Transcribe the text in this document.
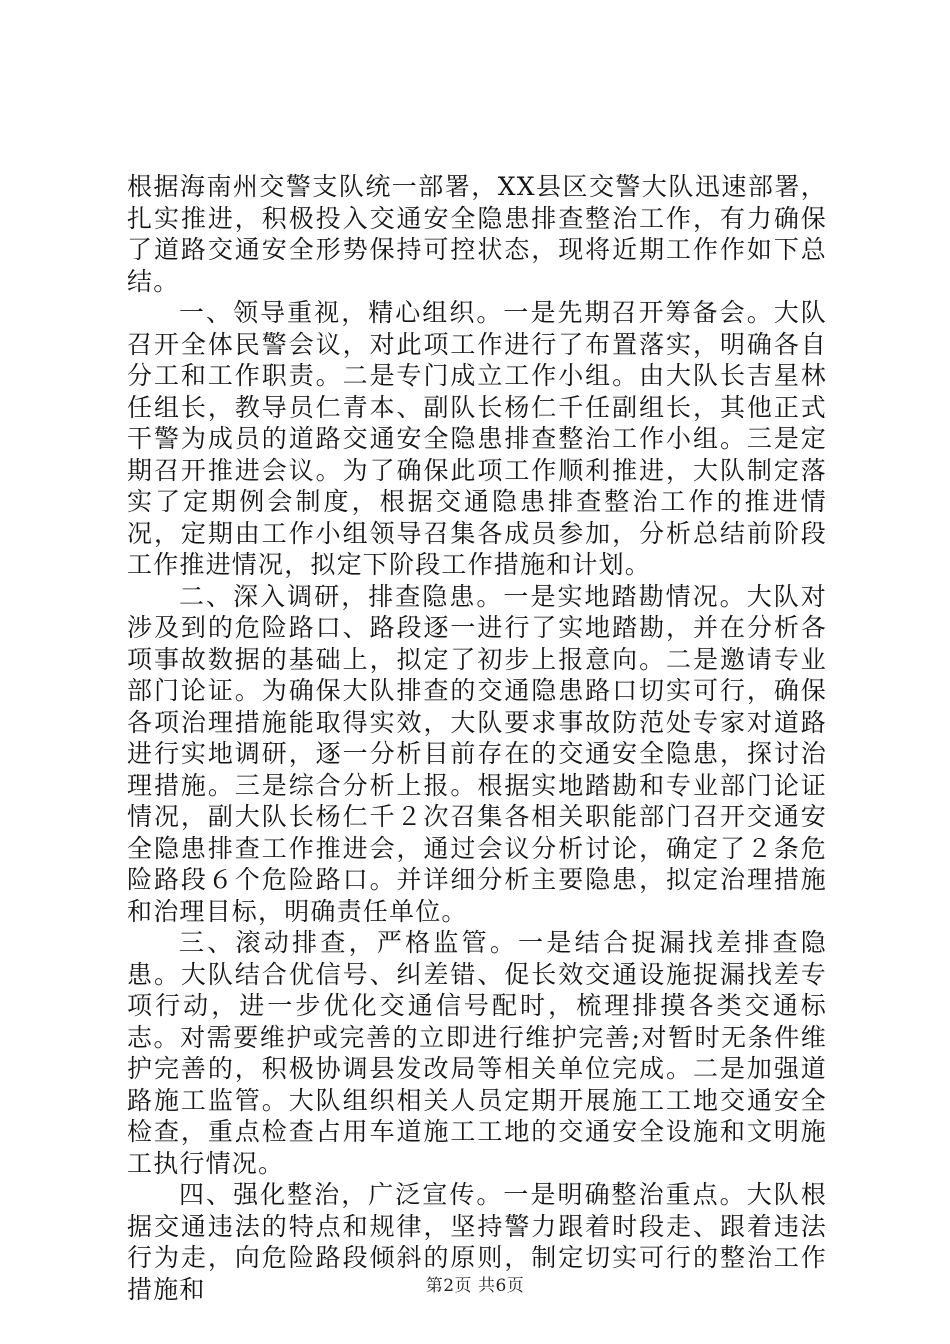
根据海南州交警支队统一部署，XX县区交警大队迅速部署，扎实推进，积极投入交通安全隐患排查整治工作，有力确保了道路交通安全形势保持可控状态，现将近期工作作如下总结。

一、领导重视，精心组织。一是先期召开筹备会。大队召开全体民警会议，对此项工作进行了布置落实，明确各自分工和工作职责。二是专门成立工作小组。由大队长吉星林任组长，教导员仁青本、副队长杨仁千任副组长，其他正式干警为成员的道路交通安全隐患排查整治工作小组。三是定期召开推进会议。为了确保此项工作顺利推进，大队制定落实了定期例会制度，根据交通隐患排查整治工作的推进情况，定期由工作小组领导召集各成员参加，分析总结前阶段工作推进情况，拟定下阶段工作措施和计划。

二、深入调研，排查隐患。一是实地踏勘情况。大队对涉及到的危险路口、路段逐一进行了实地踏勘，并在分析各项事故数据的基础上，拟定了初步上报意向。二是邀请专业部门论证。为确保大队排查的交通隐患路口切实可行，确保各项治理措施能取得实效，大队要求事故防范处专家对道路进行实地调研，逐一分析目前存在的交通安全隐患，探讨治理措施。三是综合分析上报。根据实地踏勘和专业部门论证情况，副大队长杨仁千２次召集各相关职能部门召开交通安全隐患排查工作推进会，通过会议分析讨论，确定了２条危险路段６个危险路口。并详细分析主要隐患，拟定治理措施和治理目标，明确责任单位。

三、滚动排查，严格监管。一是结合捉漏找差排查隐患。大队结合优信号、纠差错、促长效交通设施捉漏找差专项行动，进一步优化交通信号配时，梳理排摸各类交通标志。对需要维护或完善的立即进行维护完善;对暂时无条件维护完善的，积极协调县发改局等相关单位完成。二是加强道路施工监管。大队组织相关人员定期开展施工工地交通安全检查，重点检查占用车道施工工地的交通安全设施和文明施工执行情况。

四、强化整治，广泛宣传。一是明确整治重点。大队根据交通违法的特点和规律，坚持警力跟着时段走、跟着违法行为走，向危险路段倾斜的原则，制定切实可行的整治工作措施和	第2页 共6页
